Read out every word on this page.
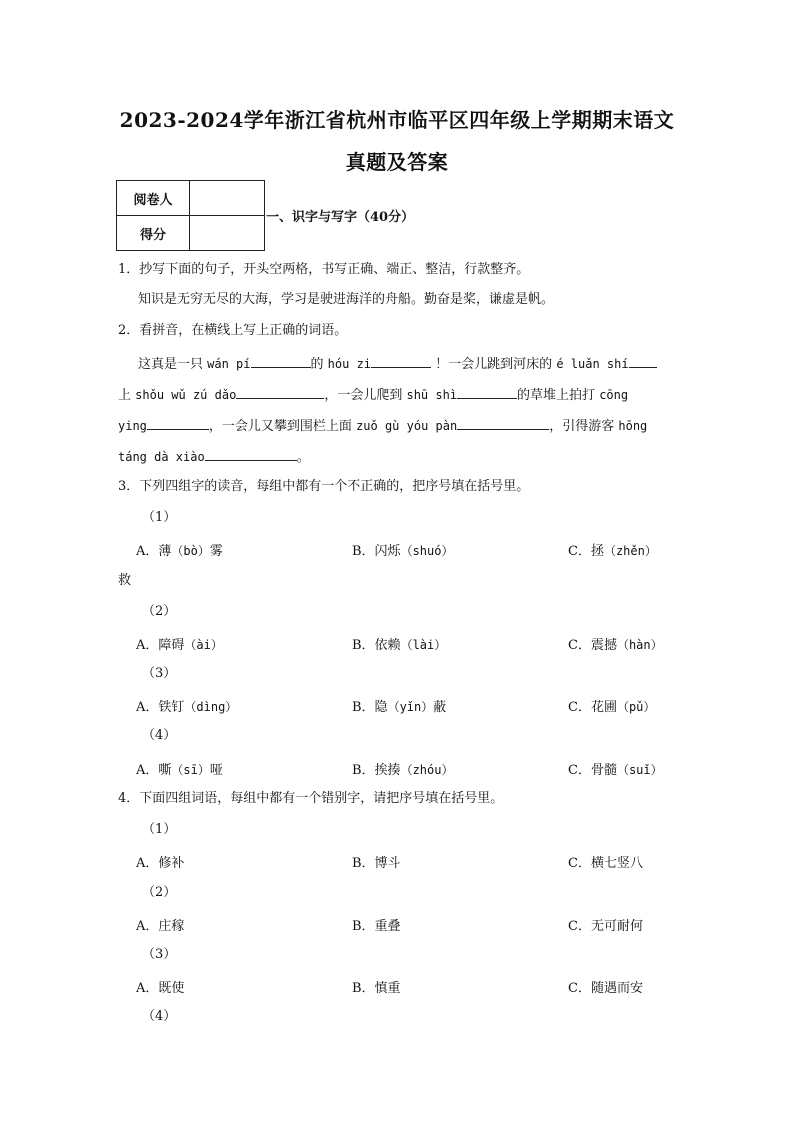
2023-2024学年浙江省杭州市临平区四年级上学期期末语文
真题及答案
阅卷人	
得分	
一、识字与写字（40分）
1．抄写下面的句子，开头空两格，书写正确、端正、整洁，行款整齐。
知识是无穷无尽的大海，学习是驶进海洋的舟船。勤奋是桨，谦虚是帆。
2．看拼音，在横线上写上正确的词语。
这真是一只 wán pí	的 hóu zi	！一会儿跳到河床的 é luǎn shí
上 shǒu wǔ zú dǎo	，一会儿爬到 shū shì	的草堆上拍打 cōng
ying	，一会儿又攀到围栏上面 zuǒ gù yóu pàn	，引得游客 hōng
táng dà xiào	。
3．下列四组字的读音，每组中都有一个不正确的，把序号填在括号里。
（1）
A．薄（bò）雾	B．闪烁（shuó）	C．拯（zhěn）
救
（2）
A．障碍（ài）	B．依赖（lài）	C．震撼（hàn）
（3）
A．铁钉（dìng）	B．隐（yǐn）蔽	C．花圃（pǔ）
（4）
A．嘶（sī）哑	B．挨揍（zhóu）	C．骨髓（suǐ）
4．下面四组词语，每组中都有一个错别字，请把序号填在括号里。
（1）
A．修补	B．博斗	C．横七竖八
（2）
A．庄稼	B．重叠	C．无可耐何
（3）
A．既使	B．慎重	C．随遇而安
（4）
